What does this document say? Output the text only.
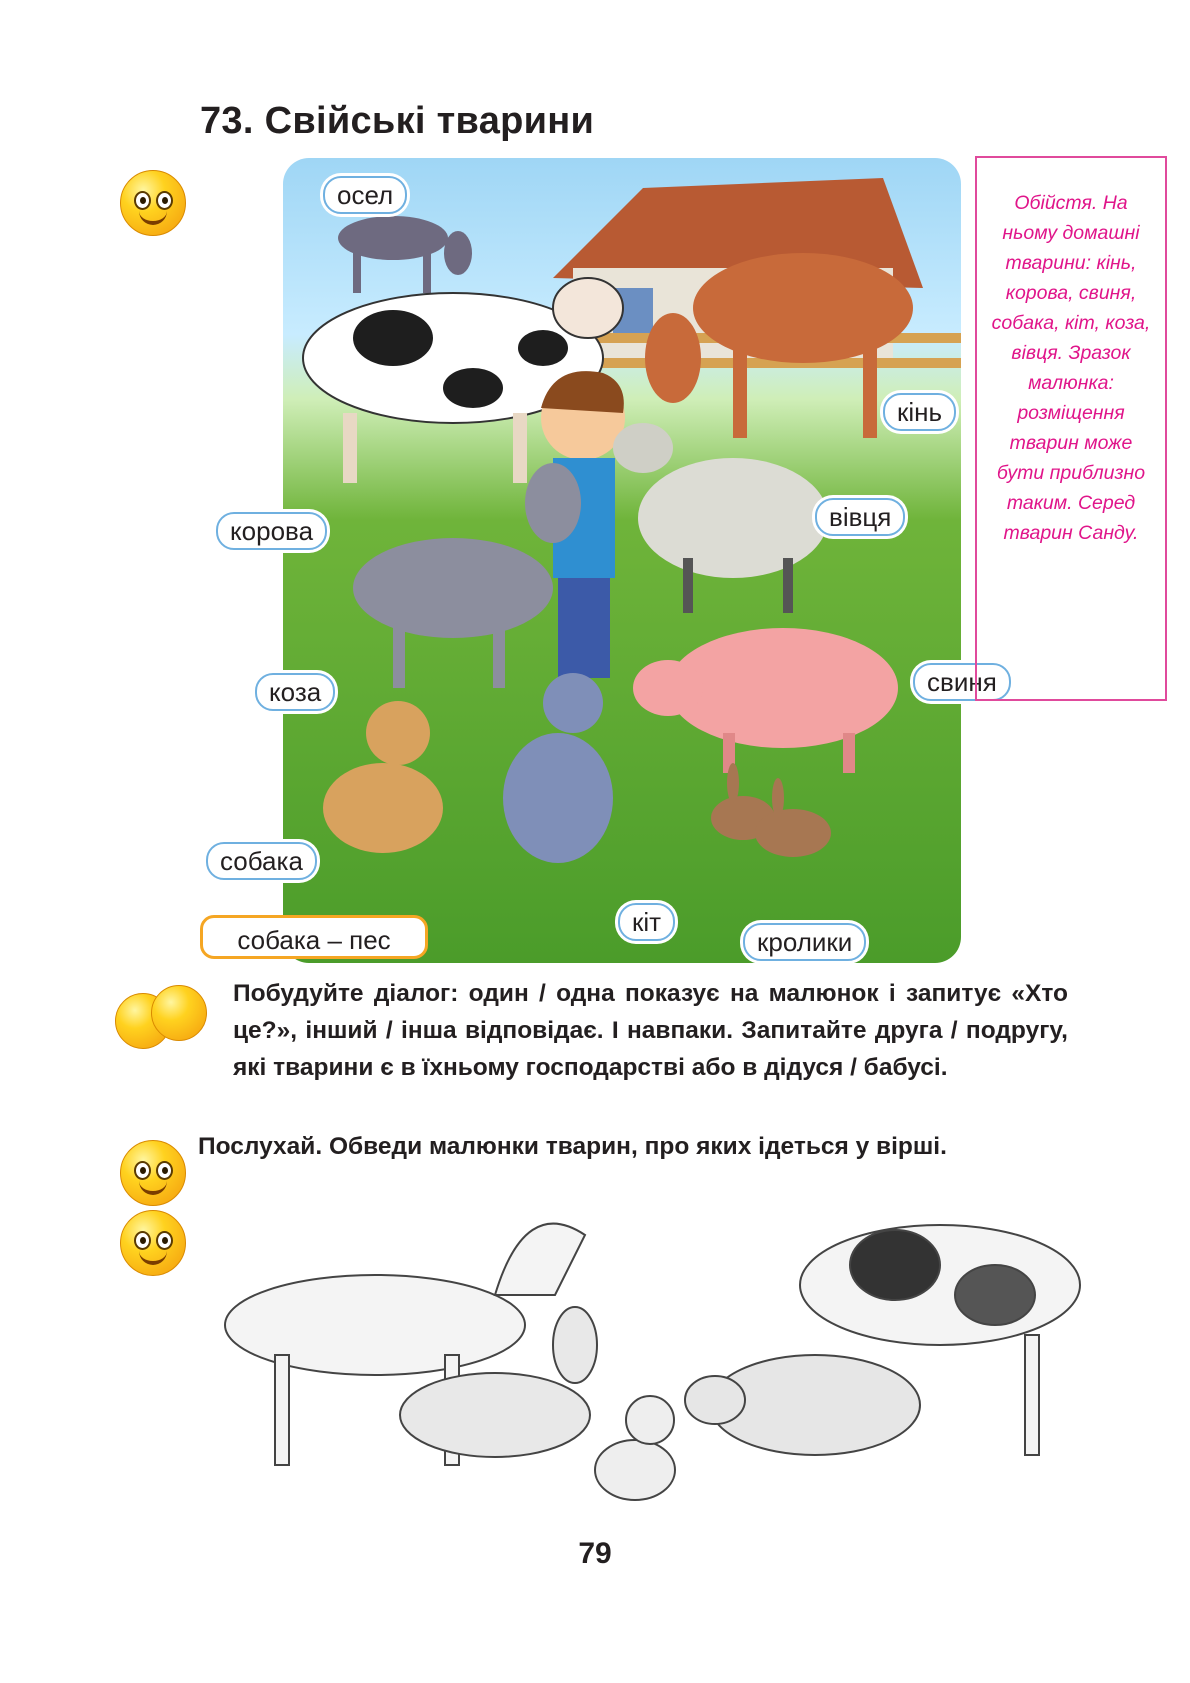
73. Свійські тварини
осел
кінь
вівця
свиня
кіт
кролики
корова
коза
собака
собака – пес
Обійстя. На ньому домашні тварини: кінь, корова, свиня, собака, кіт, коза, вівця. Зразок малюнка: розміщення тварин може бути приблизно таким. Серед тварин Санду.
Побудуйте діалог: один / одна показує на малюнок і запитує «Хто це?», інший / інша відповідає. І навпаки. Запитайте друга / подругу, які тварини є в їхньому господарстві або в дідуся / бабусі.
Послухай. Обведи малюнки тварин, про яких ідеться у вірші.
79
